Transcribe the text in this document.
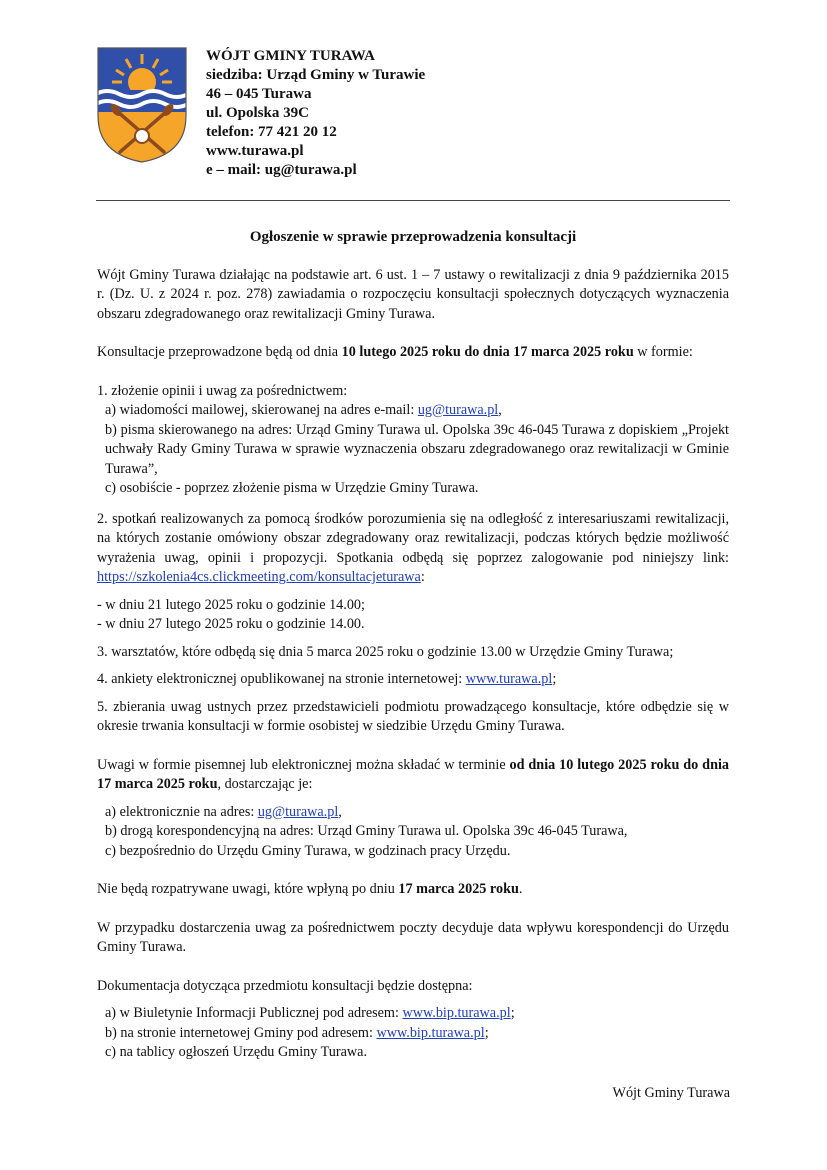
WÓJT GMINY TURAWA
siedziba: Urząd Gminy w Turawie
46 – 045 Turawa
ul. Opolska 39C
telefon: 77 421 20 12
www.turawa.pl
e – mail: ug@turawa.pl
Ogłoszenie w sprawie przeprowadzenia konsultacji

Wójt Gminy Turawa działając na podstawie art. 6 ust. 1 – 7 ustawy o rewitalizacji z dnia 9 października 2015 r. (Dz. U. z 2024 r. poz. 278) zawiadamia o rozpoczęciu konsultacji społecznych dotyczących wyznaczenia obszaru zdegradowanego oraz rewitalizacji Gminy Turawa.

Konsultacje przeprowadzone będą od dnia 10 lutego 2025 roku do dnia 17 marca 2025 roku w formie:

1. złożenie opinii i uwag za pośrednictwem:

a) wiadomości mailowej, skierowanej na adres e-mail: ug@turawa.pl,
b) pisma skierowanego na adres: Urząd Gminy Turawa ul. Opolska 39c 46-045 Turawa z dopiskiem „Projekt uchwały Rady Gminy Turawa w sprawie wyznaczenia obszaru zdegradowanego oraz rewitalizacji w Gminie Turawa”,
c) osobiście - poprzez złożenie pisma w Urzędzie Gminy Turawa.

2. spotkań realizowanych za pomocą środków porozumienia się na odległość z interesariuszami rewitalizacji, na których zostanie omówiony obszar zdegradowany oraz rewitalizacji, podczas których będzie możliwość wyrażenia uwag, opinii i propozycji. Spotkania odbędą się poprzez zalogowanie pod niniejszy link: https://szkolenia4cs.clickmeeting.com/konsultacjeturawa:

- w dniu 21 lutego 2025 roku o godzinie 14.00;

- w dniu 27 lutego 2025 roku o godzinie 14.00.

3. warsztatów, które odbędą się dnia 5 marca 2025 roku o godzinie 13.00 w Urzędzie Gminy Turawa;

4. ankiety elektronicznej opublikowanej na stronie internetowej: www.turawa.pl;

5. zbierania uwag ustnych przez przedstawicieli podmiotu prowadzącego konsultacje, które odbędzie się w okresie trwania konsultacji w formie osobistej w siedzibie Urzędu Gminy Turawa.

Uwagi w formie pisemnej lub elektronicznej można składać w terminie od dnia 10 lutego 2025 roku do dnia 17 marca 2025 roku, dostarczając je:

a) elektronicznie na adres: ug@turawa.pl,
b) drogą korespondencyjną na adres: Urząd Gminy Turawa ul. Opolska 39c 46-045 Turawa,
c) bezpośrednio do Urzędu Gminy Turawa, w godzinach pracy Urzędu.

Nie będą rozpatrywane uwagi, które wpłyną po dniu 17 marca 2025 roku.

W przypadku dostarczenia uwag za pośrednictwem poczty decyduje data wpływu korespondencji do Urzędu Gminy Turawa.

Dokumentacja dotycząca przedmiotu konsultacji będzie dostępna:

a) w Biuletynie Informacji Publicznej pod adresem: www.bip.turawa.pl;
b) na stronie internetowej Gminy pod adresem: www.bip.turawa.pl;
c) na tablicy ogłoszeń Urzędu Gminy Turawa.
Wójt Gminy Turawa
